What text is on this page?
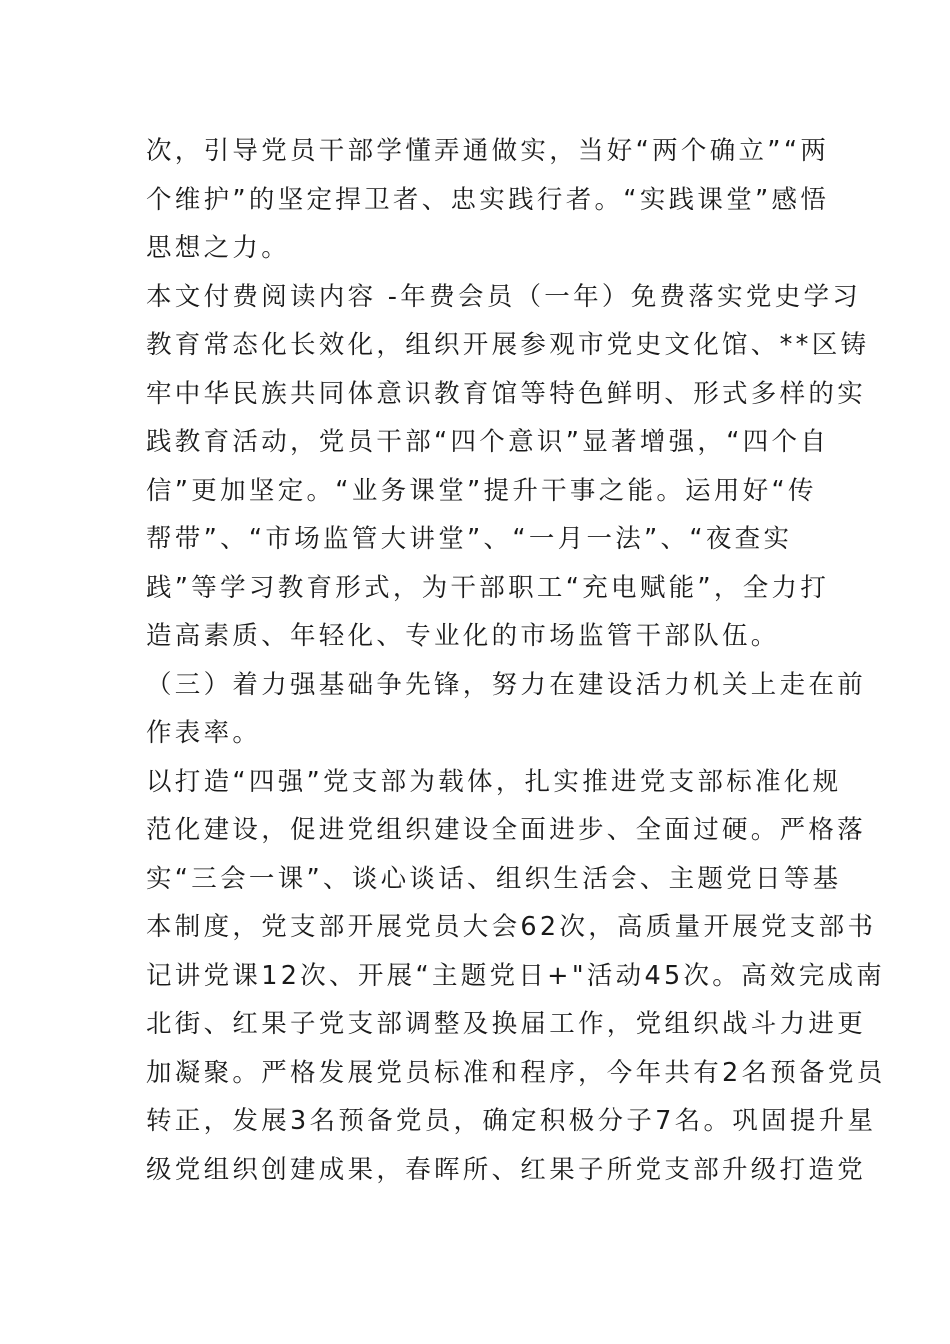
次，引导党员干部学懂弄通做实，当好“两个确立”“两
个维护”的坚定捍卫者、忠实践行者。“实践课堂”感悟
思想之力。
本文付费阅读内容 -年费会员（一年）免费落实党史学习
教育常态化长效化，组织开展参观市党史文化馆、**区铸
牢中华民族共同体意识教育馆等特色鲜明、形式多样的实
践教育活动，党员干部“四个意识”显著增强，“四个自
信”更加坚定。“业务课堂”提升干事之能。运用好“传
帮带”、“市场监管大讲堂”、“一月一法”、“夜查实
践”等学习教育形式，为干部职工“充电赋能”，全力打
造高素质、年轻化、专业化的市场监管干部队伍。
（三）着力强基础争先锋，努力在建设活力机关上走在前
作表率。
以打造“四强”党支部为载体，扎实推进党支部标准化规
范化建设，促进党组织建设全面进步、全面过硬。严格落
实“三会一课”、谈心谈话、组织生活会、主题党日等基
本制度，党支部开展党员大会62次，高质量开展党支部书
记讲党课12次、开展“主题党日+"活动45次。高效完成南
北街、红果子党支部调整及换届工作，党组织战斗力进更
加凝聚。严格发展党员标准和程序，今年共有2名预备党员
转正，发展3名预备党员，确定积极分子7名。巩固提升星
级党组织创建成果，春晖所、红果子所党支部升级打造党
